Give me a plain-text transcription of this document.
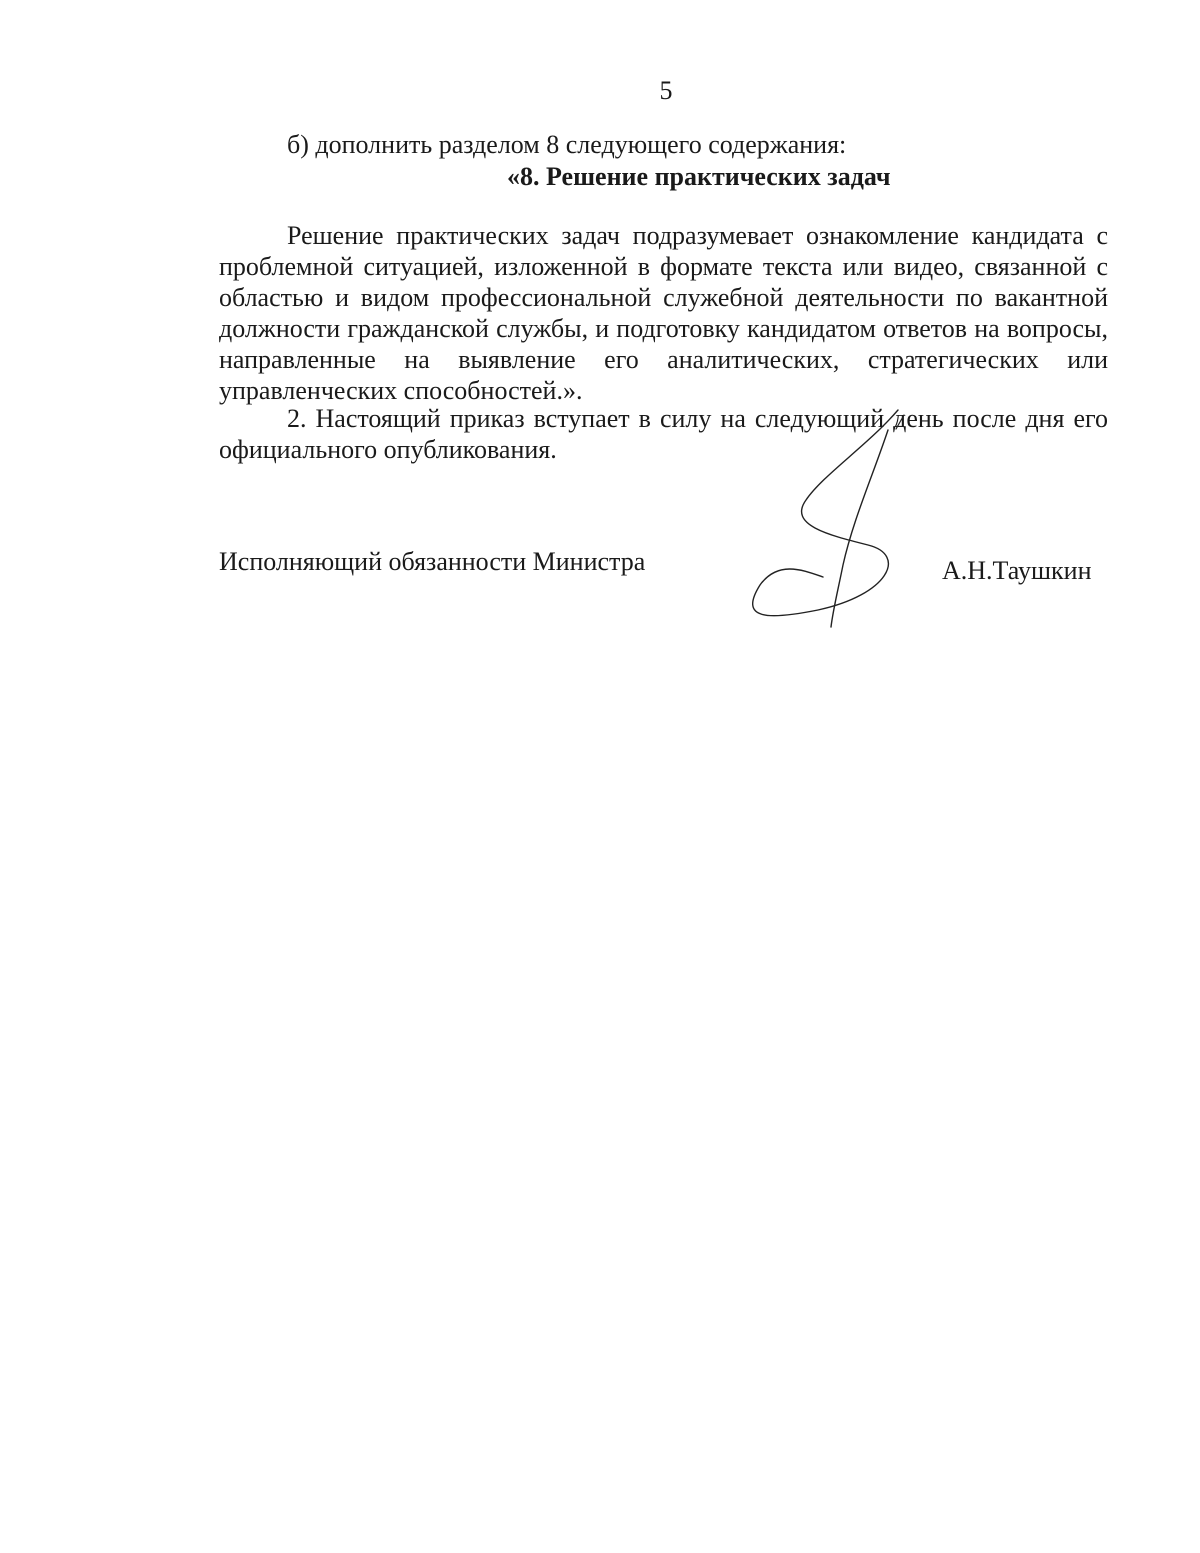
5
б) дополнить разделом 8 следующего содержания:
«8. Решение практических задач
Решение практических задач подразумевает ознакомление кандидата с проблемной ситуацией, изложенной в формате текста или видео, связанной с областью и видом профессиональной служебной деятельности по вакантной должности гражданской службы, и подготовку кандидатом ответов на вопросы, направленные на выявление его аналитических, стратегических или управленческих способностей.».
2. Настоящий приказ вступает в силу на следующий день после дня его официального опубликования.
Исполняющий обязанности Министра	А.Н.Таушкин
